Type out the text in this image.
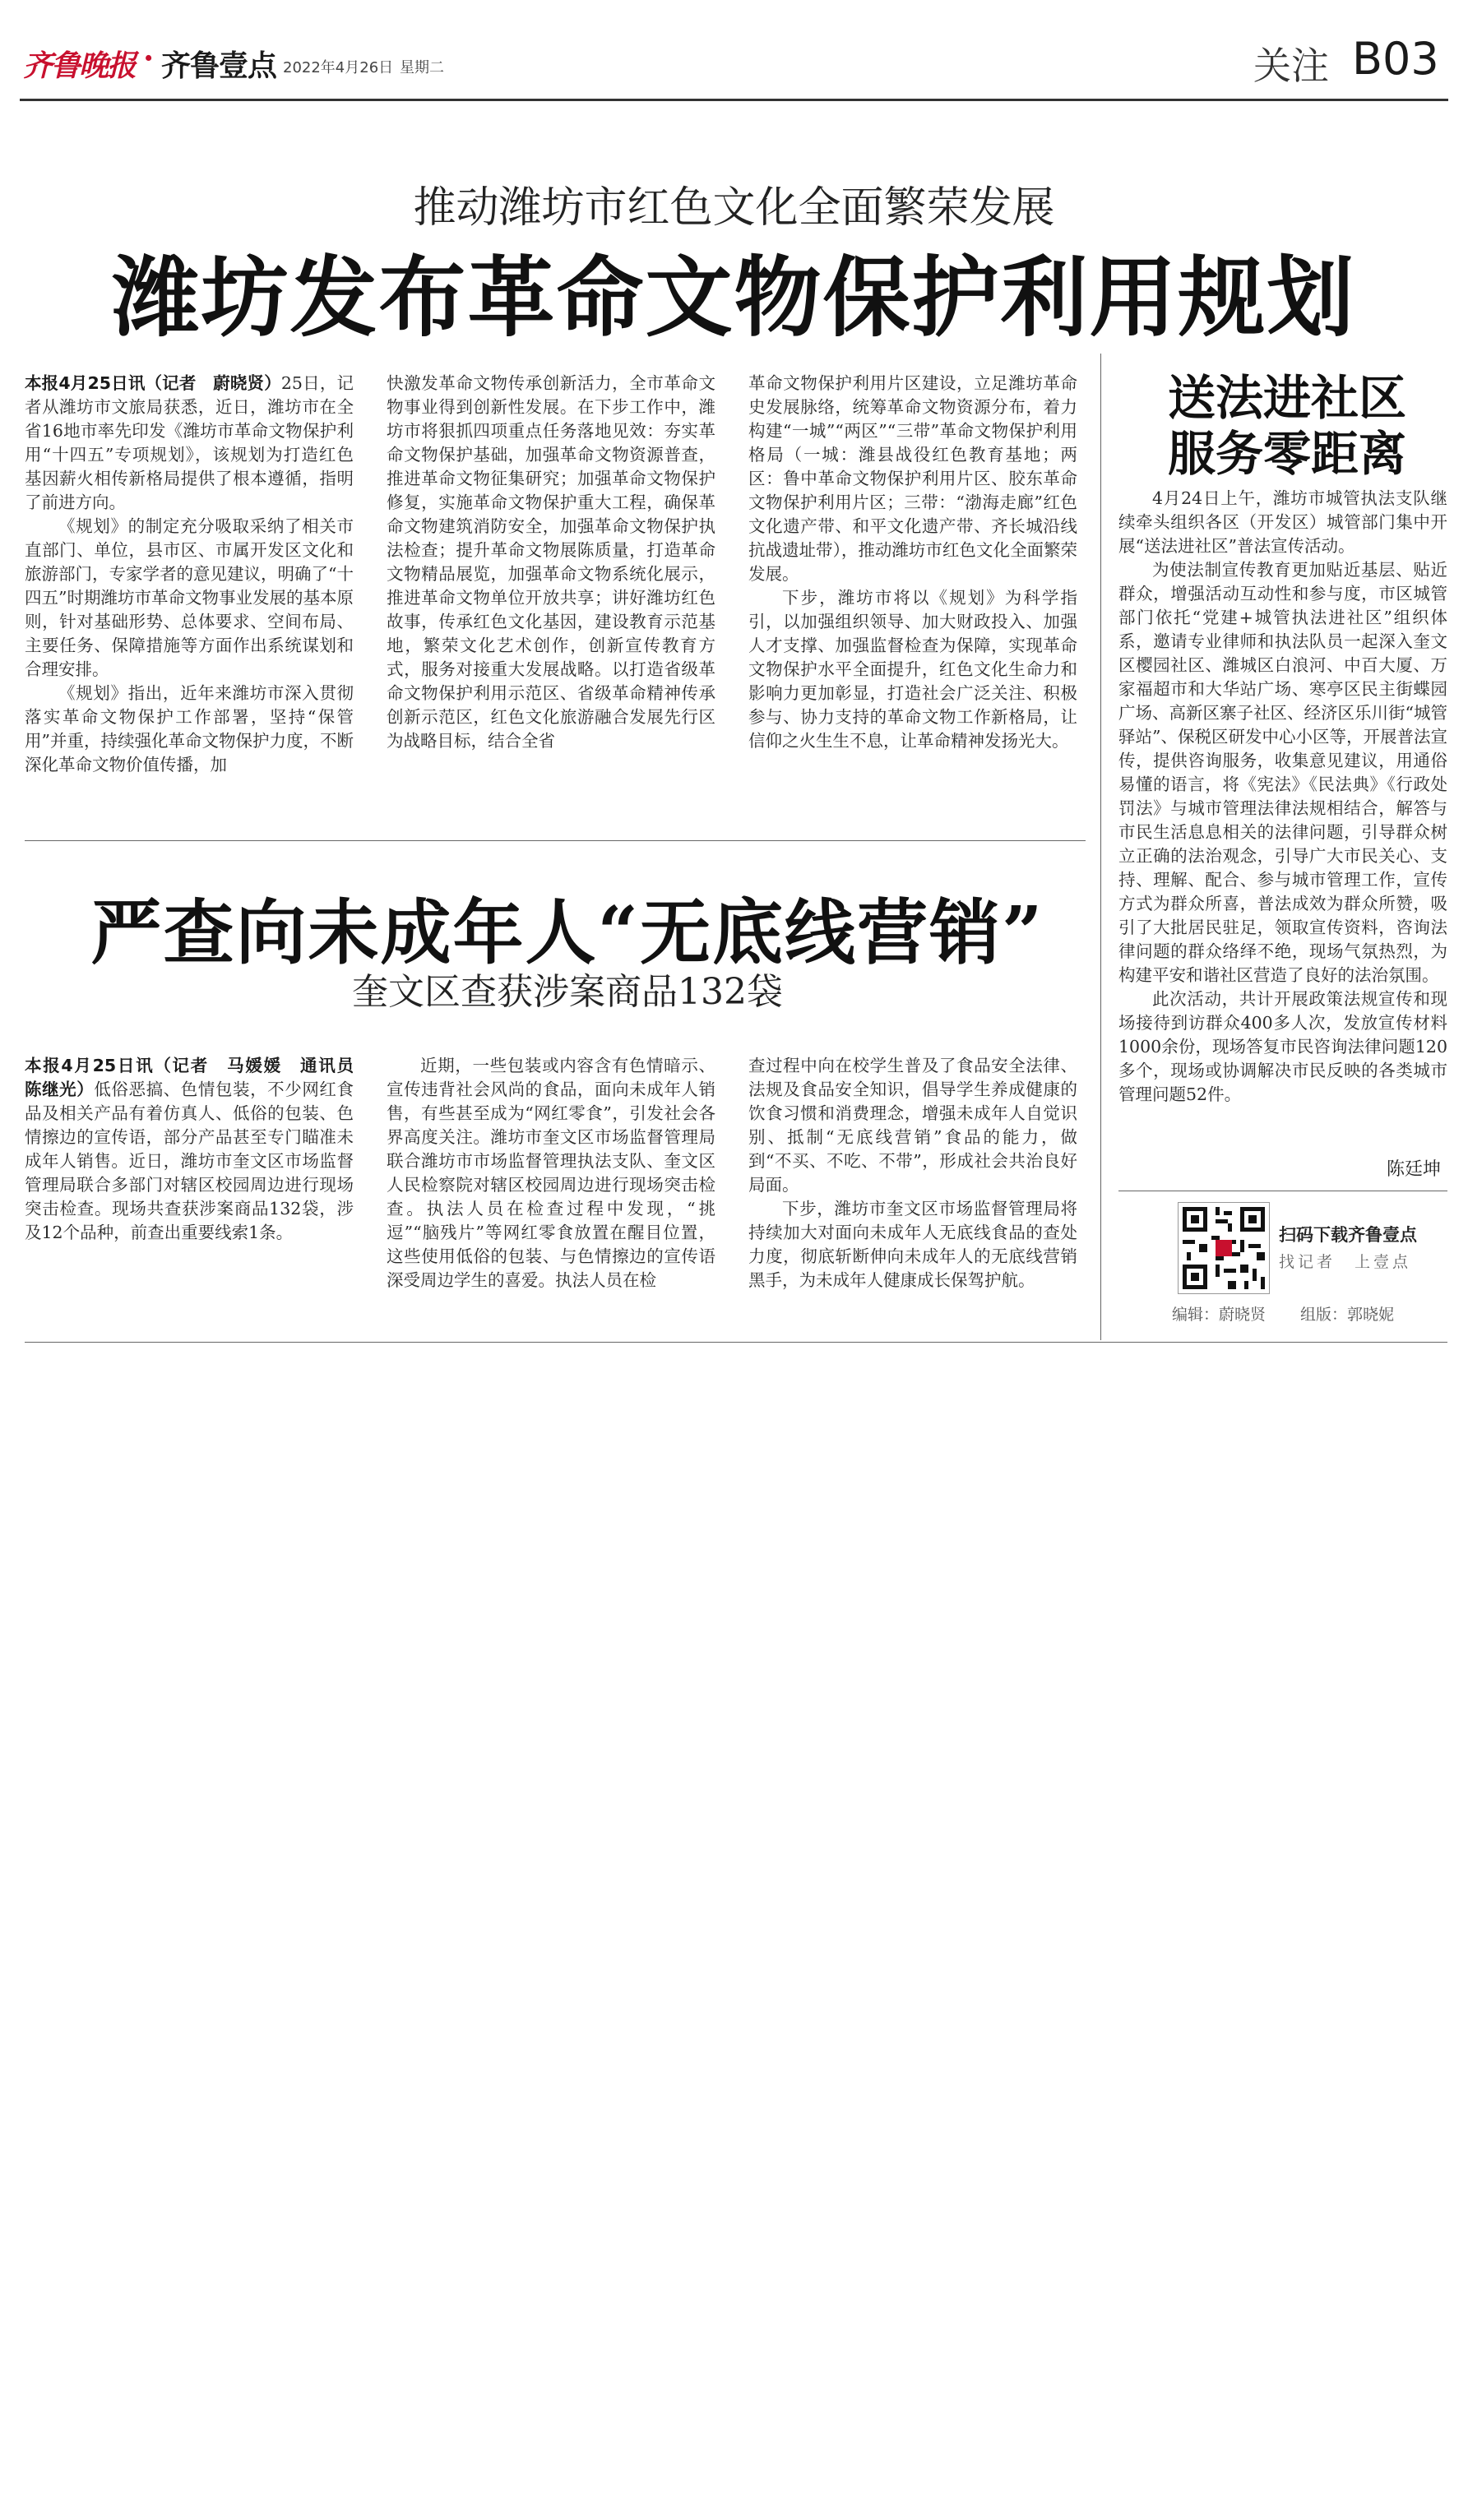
齐鲁晚报 · 齐鲁壹点 2022年4月26日 星期二	关注 B03
推动潍坊市红色文化全面繁荣发展
潍坊发布革命文物保护利用规划

本报4月25日讯（记者　蔚晓贤）25日，记者从潍坊市文旅局获悉，近日，潍坊市在全省16地市率先印发《潍坊市革命文物保护利用“十四五”专项规划》，该规划为打造红色基因薪火相传新格局提供了根本遵循，指明了前进方向。

《规划》的制定充分吸取采纳了相关市直部门、单位，县市区、市属开发区文化和旅游部门，专家学者的意见建议，明确了“十四五”时期潍坊市革命文物事业发展的基本原则，针对基础形势、总体要求、空间布局、主要任务、保障措施等方面作出系统谋划和合理安排。

《规划》指出，近年来潍坊市深入贯彻落实革命文物保护工作部署，坚持“保管用”并重，持续强化革命文物保护力度，不断深化革命文物价值传播，加

快激发革命文物传承创新活力，全市革命文物事业得到创新性发展。在下步工作中，潍坊市将狠抓四项重点任务落地见效：夯实革命文物保护基础，加强革命文物资源普查，推进革命文物征集研究；加强革命文物保护修复，实施革命文物保护重大工程，确保革命文物建筑消防安全，加强革命文物保护执法检查；提升革命文物展陈质量，打造革命文物精品展览，加强革命文物系统化展示，推进革命文物单位开放共享；讲好潍坊红色故事，传承红色文化基因，建设教育示范基地，繁荣文化艺术创作，创新宣传教育方式，服务对接重大发展战略。以打造省级革命文物保护利用示范区、省级革命精神传承创新示范区，红色文化旅游融合发展先行区为战略目标，结合全省

革命文物保护利用片区建设，立足潍坊革命史发展脉络，统筹革命文物资源分布，着力构建“一城”“两区”“三带”革命文物保护利用格局（一城：潍县战役红色教育基地；两区：鲁中革命文物保护利用片区、胶东革命文物保护利用片区；三带：“渤海走廊”红色文化遗产带、和平文化遗产带、齐长城沿线抗战遗址带），推动潍坊市红色文化全面繁荣发展。

下步，潍坊市将以《规划》为科学指引，以加强组织领导、加大财政投入、加强人才支撑、加强监督检查为保障，实现革命文物保护水平全面提升，红色文化生命力和影响力更加彰显，打造社会广泛关注、积极参与、协力支持的革命文物工作新格局，让信仰之火生生不息，让革命精神发扬光大。

严查向未成年人“无底线营销”
奎文区查获涉案商品132袋

本报4月25日讯（记者　马媛媛　通讯员　陈继光）低俗恶搞、色情包装，不少网红食品及相关产品有着仿真人、低俗的包装、色情擦边的宣传语，部分产品甚至专门瞄准未成年人销售。近日，潍坊市奎文区市场监督管理局联合多部门对辖区校园周边进行现场突击检查。现场共查获涉案商品132袋，涉及12个品种，前查出重要线索1条。

近期，一些包装或内容含有色情暗示、宣传违背社会风尚的食品，面向未成年人销售，有些甚至成为“网红零食”，引发社会各界高度关注。潍坊市奎文区市场监督管理局联合潍坊市市场监督管理执法支队、奎文区人民检察院对辖区校园周边进行现场突击检查。执法人员在检查过程中发现，“挑逗”“脑残片”等网红零食放置在醒目位置，这些使用低俗的包装、与色情擦边的宣传语深受周边学生的喜爱。执法人员在检

查过程中向在校学生普及了食品安全法律、法规及食品安全知识，倡导学生养成健康的饮食习惯和消费理念，增强未成年人自觉识别、抵制“无底线营销”食品的能力，做到“不买、不吃、不带”，形成社会共治良好局面。

下步，潍坊市奎文区市场监督管理局将持续加大对面向未成年人无底线食品的查处力度，彻底斩断伸向未成年人的无底线营销黑手，为未成年人健康成长保驾护航。

送法进社区
服务零距离

4月24日上午，潍坊市城管执法支队继续牵头组织各区（开发区）城管部门集中开展“送法进社区”普法宣传活动。

为使法制宣传教育更加贴近基层、贴近群众，增强活动互动性和参与度，市区城管部门依托“党建+城管执法进社区”组织体系，邀请专业律师和执法队员一起深入奎文区樱园社区、潍城区白浪河、中百大厦、万家福超市和大华站广场、寒亭区民主街蝶园广场、高新区寨子社区、经济区乐川街“城管驿站”、保税区研发中心小区等，开展普法宣传，提供咨询服务，收集意见建议，用通俗易懂的语言，将《宪法》《民法典》《行政处罚法》与城市管理法律法规相结合，解答与市民生活息息相关的法律问题，引导群众树立正确的法治观念，引导广大市民关心、支持、理解、配合、参与城市管理工作，宣传方式为群众所喜，普法成效为群众所赞，吸引了大批居民驻足，领取宣传资料，咨询法律问题的群众络绎不绝，现场气氛热烈，为构建平安和谐社区营造了良好的法治氛围。

此次活动，共计开展政策法规宣传和现场接待到访群众400多人次，发放宣传材料1000余份，现场答复市民咨询法律问题120多个，现场或协调解决市民反映的各类城市管理问题52件。

陈廷坤
扫码下载齐鲁壹点
找记者　上壹点
编辑：蔚晓贤 组版：郭晓妮
